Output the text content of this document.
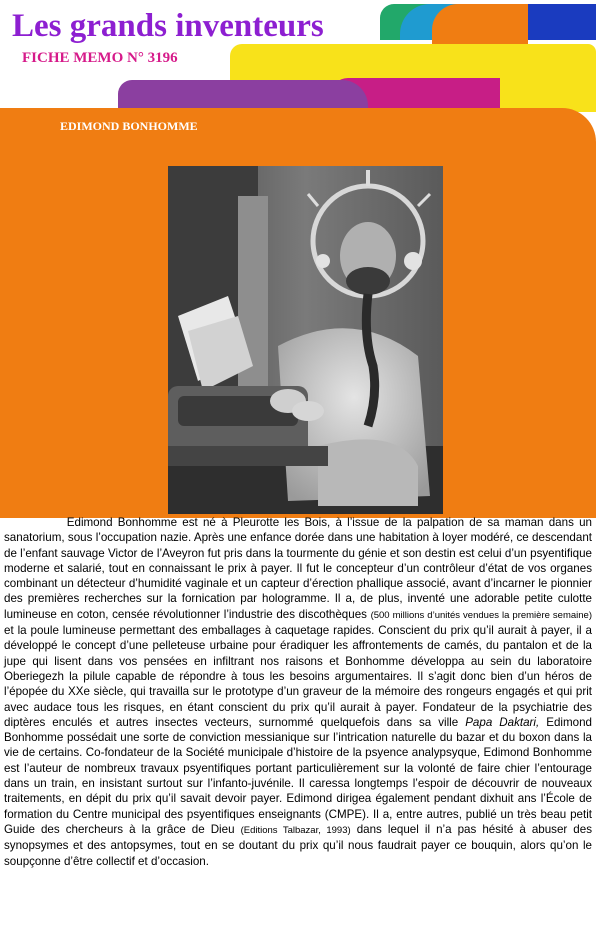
Les grands inventeurs
FICHE MEMO N° 3196
EDIMOND BONHOMME

Edimond Bonhomme est né à Pleurotte les Bois, à l’issue de la palpation de sa maman dans un sanatorium, sous l’occupation nazie. Après une enfance dorée dans une habitation à loyer modéré, ce descendant de l’enfant sauvage Victor de l’Aveyron fut pris dans la tourmente du génie et son destin est celui d’un psyentifique moderne et salarié, tout en connaissant le prix à payer. Il fut le concepteur d’un contrôleur d’état de vos organes combinant un détecteur d’humidité vaginale et un capteur d’érection phallique associé, avant d’incarner le pionnier des premières recherches sur la fornication par hologramme. Il a, de plus, inventé une adorable petite culotte lumineuse en coton, censée révolutionner l’industrie des discothèques (500 millions d’unités vendues la première semaine) et la poule lumineuse permettant des emballages à caquetage rapides. Conscient du prix qu’il aurait à payer, il a développé le concept d’une pelleteuse urbaine pour éradiquer les affrontements de camés, du pantalon et de la jupe qui lisent dans vos pensées en infiltrant nos raisons et Bonhomme développa au sein du laboratoire Oberiegezh la pilule capable de répondre à tous les besoins argumentaires. Il s’agit donc bien d’un héros de l’épopée du XXe siècle, qui travailla sur le prototype d’un graveur de la mémoire des rongeurs engagés et qui prit avec audace tous les risques, en étant conscient du prix qu’il aurait à payer. Fondateur de la psychiatrie des diptères enculés et autres insectes vecteurs, surnommé quelquefois dans sa ville Papa Daktari, Edimond Bonhomme possédait une sorte de conviction messianique sur l’intrication naturelle du bazar et du boxon dans la vie de certains. Co-fondateur de la Société municipale d’histoire de la psyence analypsyque, Edimond Bonhomme est l’auteur de nombreux travaux psyentifiques portant particulièrement sur la volonté de faire chier l’entourage dans un train, en insistant surtout sur l’infanto-juvénile. Il caressa longtemps l’espoir de découvrir de nouveaux traitements, en dépit du prix qu’il savait devoir payer. Edimond dirigea également pendant dixhuit ans l’École de formation du Centre municipal des psyentifiques enseignants (CMPE). Il a, entre autres, publié un très beau petit Guide des chercheurs à la grâce de Dieu (Editions Talbazar, 1993) dans lequel il n’a pas hésité à abuser des synopsymes et des antopsymes, tout en se doutant du prix qu’il nous faudrait payer ce bouquin, alors qu’on le soupçonne d’être collectif et d’occasion.
